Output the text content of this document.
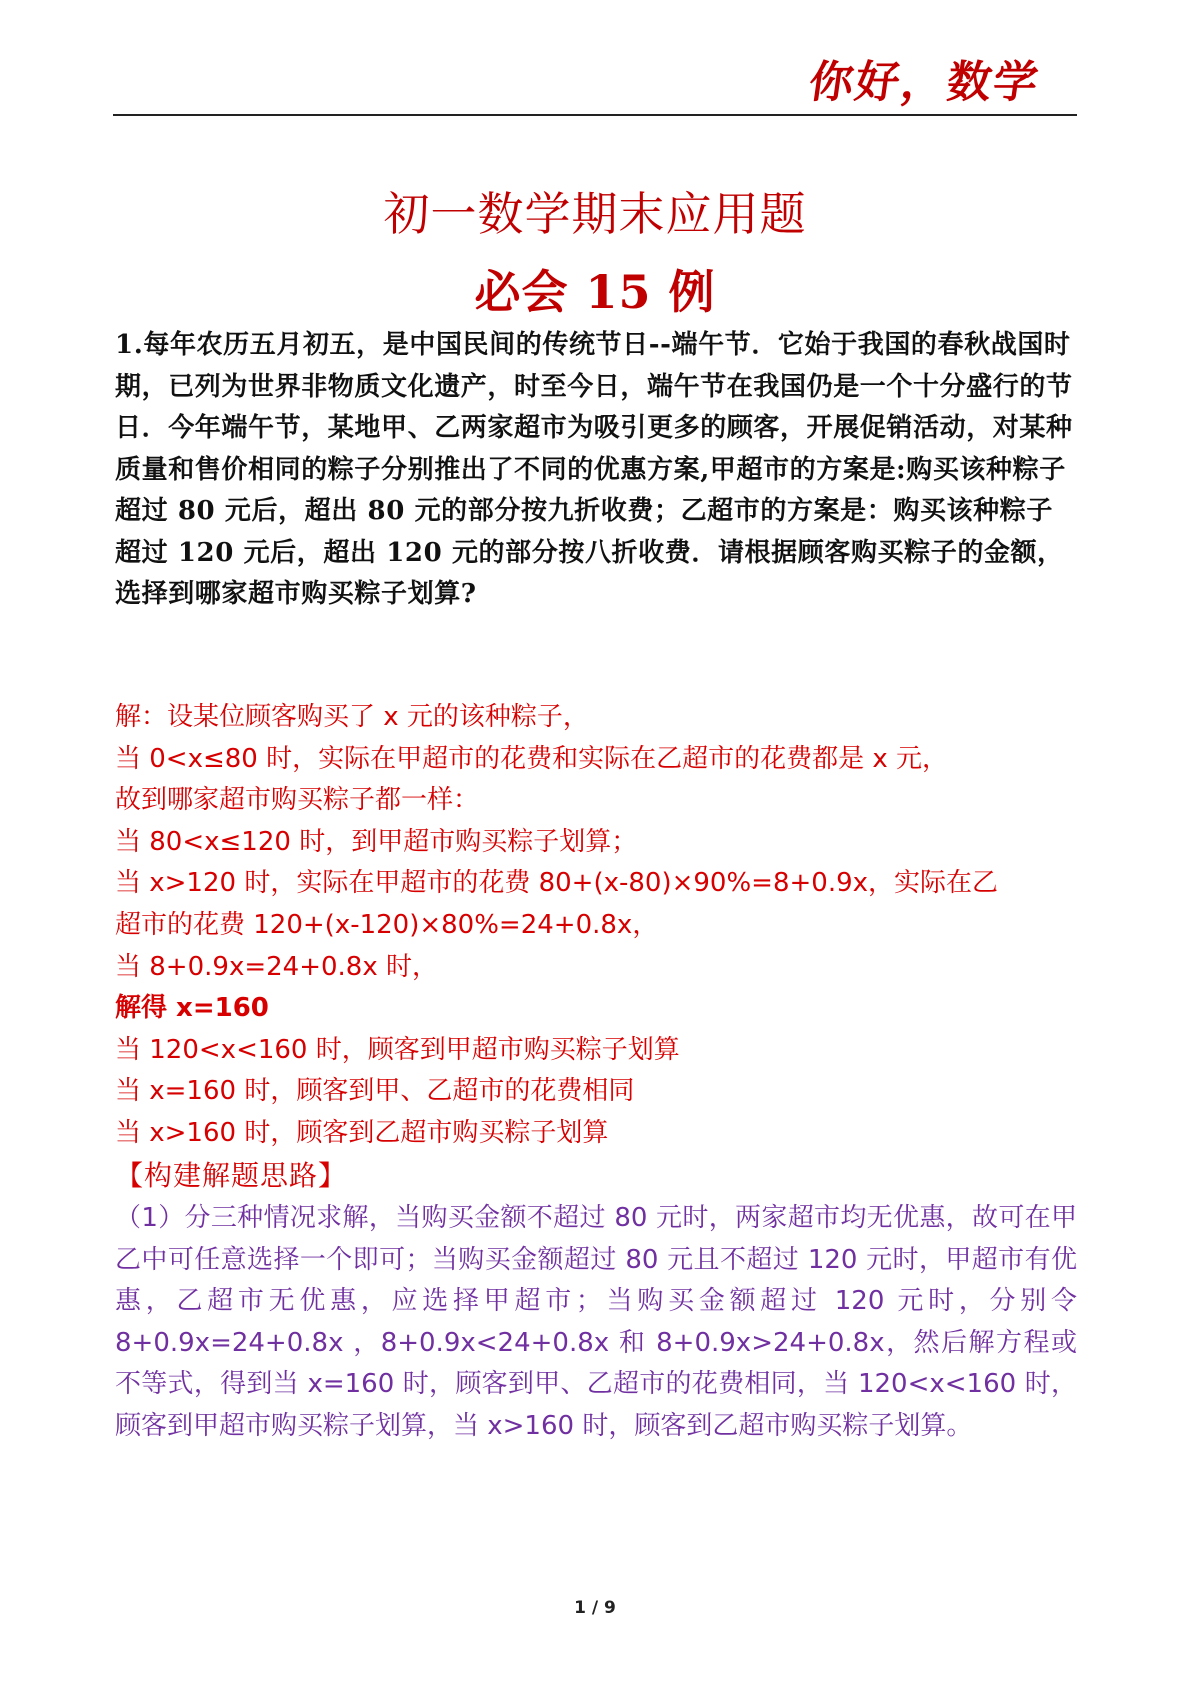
你好，数学
初一数学期末应用题
必会 15 例
1.每年农历五月初五，是中国民间的传统节日--端午节．它始于我国的春秋战国时期，已列为世界非物质文化遗产，时至今日，端午节在我国仍是一个十分盛行的节日．今年端午节，某地甲、乙两家超市为吸引更多的顾客，开展促销活动，对某种质量和售价相同的粽子分别推出了不同的优惠方案,甲超市的方案是:购买该种粽子超过 80 元后，超出 80 元的部分按九折收费；乙超市的方案是：购买该种粽子超过 120 元后，超出 120 元的部分按八折收费．请根据顾客购买粽子的金额，选择到哪家超市购买粽子划算?
解：设某位顾客购买了 x 元的该种粽子，
当 0<x≤80 时，实际在甲超市的花费和实际在乙超市的花费都是 x 元，
故到哪家超市购买粽子都一样：
当 80<x≤120 时，到甲超市购买粽子划算；
当 x>120 时，实际在甲超市的花费 80+(x-80)×90%=8+0.9x，实际在乙
超市的花费 120+(x-120)×80%=24+0.8x，
当 8+0.9x=24+0.8x 时，
解得 x=160
当 120<x<160 时，顾客到甲超市购买粽子划算
当 x=160 时，顾客到甲、乙超市的花费相同
当 x>160 时，顾客到乙超市购买粽子划算
【构建解题思路】
（1）分三种情况求解，当购买金额不超过 80 元时，两家超市均无优惠，故可在甲乙中可任意选择一个即可；当购买金额超过 80 元且不超过 120 元时，甲超市有优惠，乙超市无优惠，应选择甲超市；当购买金额超过 120 元时，分别令 8+0.9x=24+0.8x ，8+0.9x<24+0.8x 和 8+0.9x>24+0.8x，然后解方程或不等式，得到当 x=160 时，顾客到甲、乙超市的花费相同，当 120<x<160 时，顾客到甲超市购买粽子划算，当 x>160 时，顾客到乙超市购买粽子划算。
1 / 9
